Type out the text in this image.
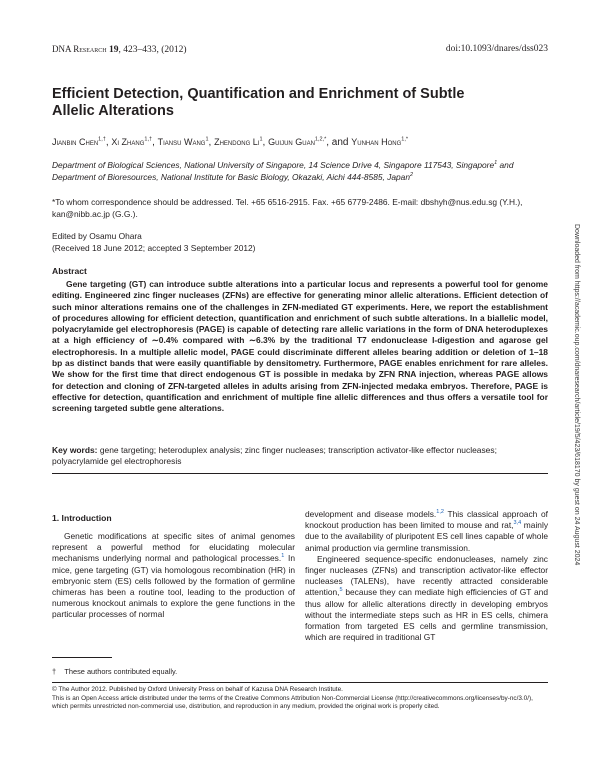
DNA Research 19, 423–433, (2012)	doi:10.1093/dnares/dss023
Efficient Detection, Quantification and Enrichment of Subtle Allelic Alterations
Jianbin Chen$^{1,\dagger}$, Xi Zhang$^{1,\dagger}$, Tiansu Wang$^1$, Zhendong Li$^1$, Guijun Guan$^{1,2,*}$, and Yunhan Hong$^{1,*}$
Department of Biological Sciences, National University of Singapore, 14 Science Drive 4, Singapore 117543, Singapore$^1$ and Department of Bioresources, National Institute for Basic Biology, Okazaki, Aichi 444-8585, Japan$^2$
*To whom correspondence should be addressed. Tel. +65 6516-2915. Fax. +65 6779-2486. E-mail: dbshyh@nus.edu.sg (Y.H.), kan@nibb.ac.jp (G.G.).
Edited by Osamu Ohara
(Received 18 June 2012; accepted 3 September 2012)
Abstract
Gene targeting (GT) can introduce subtle alterations into a particular locus and represents a powerful tool for genome editing. Engineered zinc finger nucleases (ZFNs) are effective for generating minor allelic alterations. Efficient detection of such minor alterations remains one of the challenges in ZFN-mediated GT experiments. Here, we report the establishment of procedures allowing for efficient detection, quantification and enrichment of such subtle alterations. In a biallelic model, polyacrylamide gel electrophoresis (PAGE) is capable of detecting rare allelic variations in the form of DNA heteroduplexes at a high efficiency of ∼0.4% compared with ∼6.3% by the traditional T7 endonuclease I-digestion and agarose gel electrophoresis. In a multiple allelic model, PAGE could discriminate different alleles bearing addition or deletion of 1–18 bp as distinct bands that were easily quantifiable by densitometry. Furthermore, PAGE enables enrichment for rare alleles. We show for the first time that direct endogenous GT is possible in medaka by ZFN RNA injection, whereas PAGE allows for detection and cloning of ZFN-targeted alleles in adults arising from ZFN-injected medaka embryos. Therefore, PAGE is effective for detection, quantification and enrichment of multiple fine allelic differences and thus offers a versatile tool for screening targeted subtle gene alterations.
Key words: gene targeting; heteroduplex analysis; zinc finger nucleases; transcription activator-like effector nucleases; polyacrylamide gel electrophoresis
1. Introduction

Genetic modifications at specific sites of animal genomes represent a powerful method for elucidating molecular mechanisms underlying normal and pathological processes.$^1$ In mice, gene targeting (GT) via homologous recombination (HR) in embryonic stem (ES) cells followed by the formation of germline chimeras has been a routine tool, leading to the production of numerous knockout animals to explore the gene functions in the particular processes of normal

development and disease models.$^{1,2}$ This classical approach of knockout production has been limited to mouse and rat,$^{3,4}$ mainly due to the availability of pluripotent ES cell lines capable of whole animal production via germline transmission.

Engineered sequence-specific endonucleases, namely zinc finger nucleases (ZFNs) and transcription activator-like effector nucleases (TALENs), have recently attracted considerable attention,$^5$ because they can mediate high efficiencies of GT and thus allow for allelic alterations directly in developing embryos without the intermediate steps such as HR in ES cells, chimera formation from targeted ES cells and germline transmission, which are required in traditional GT

† These authors contributed equally.
© The Author 2012. Published by Oxford University Press on behalf of Kazusa DNA Research Institute.
This is an Open Access article distributed under the terms of the Creative Commons Attribution Non-Commercial License (http://creativecommons.org/licenses/by-nc/3.0/), which permits unrestricted non-commercial use, distribution, and reproduction in any medium, provided the original work is properly cited.
Downloaded from https://academic.oup.com/dnaresearch/article/19/5/423/618170 by guest on 24 August 2024
